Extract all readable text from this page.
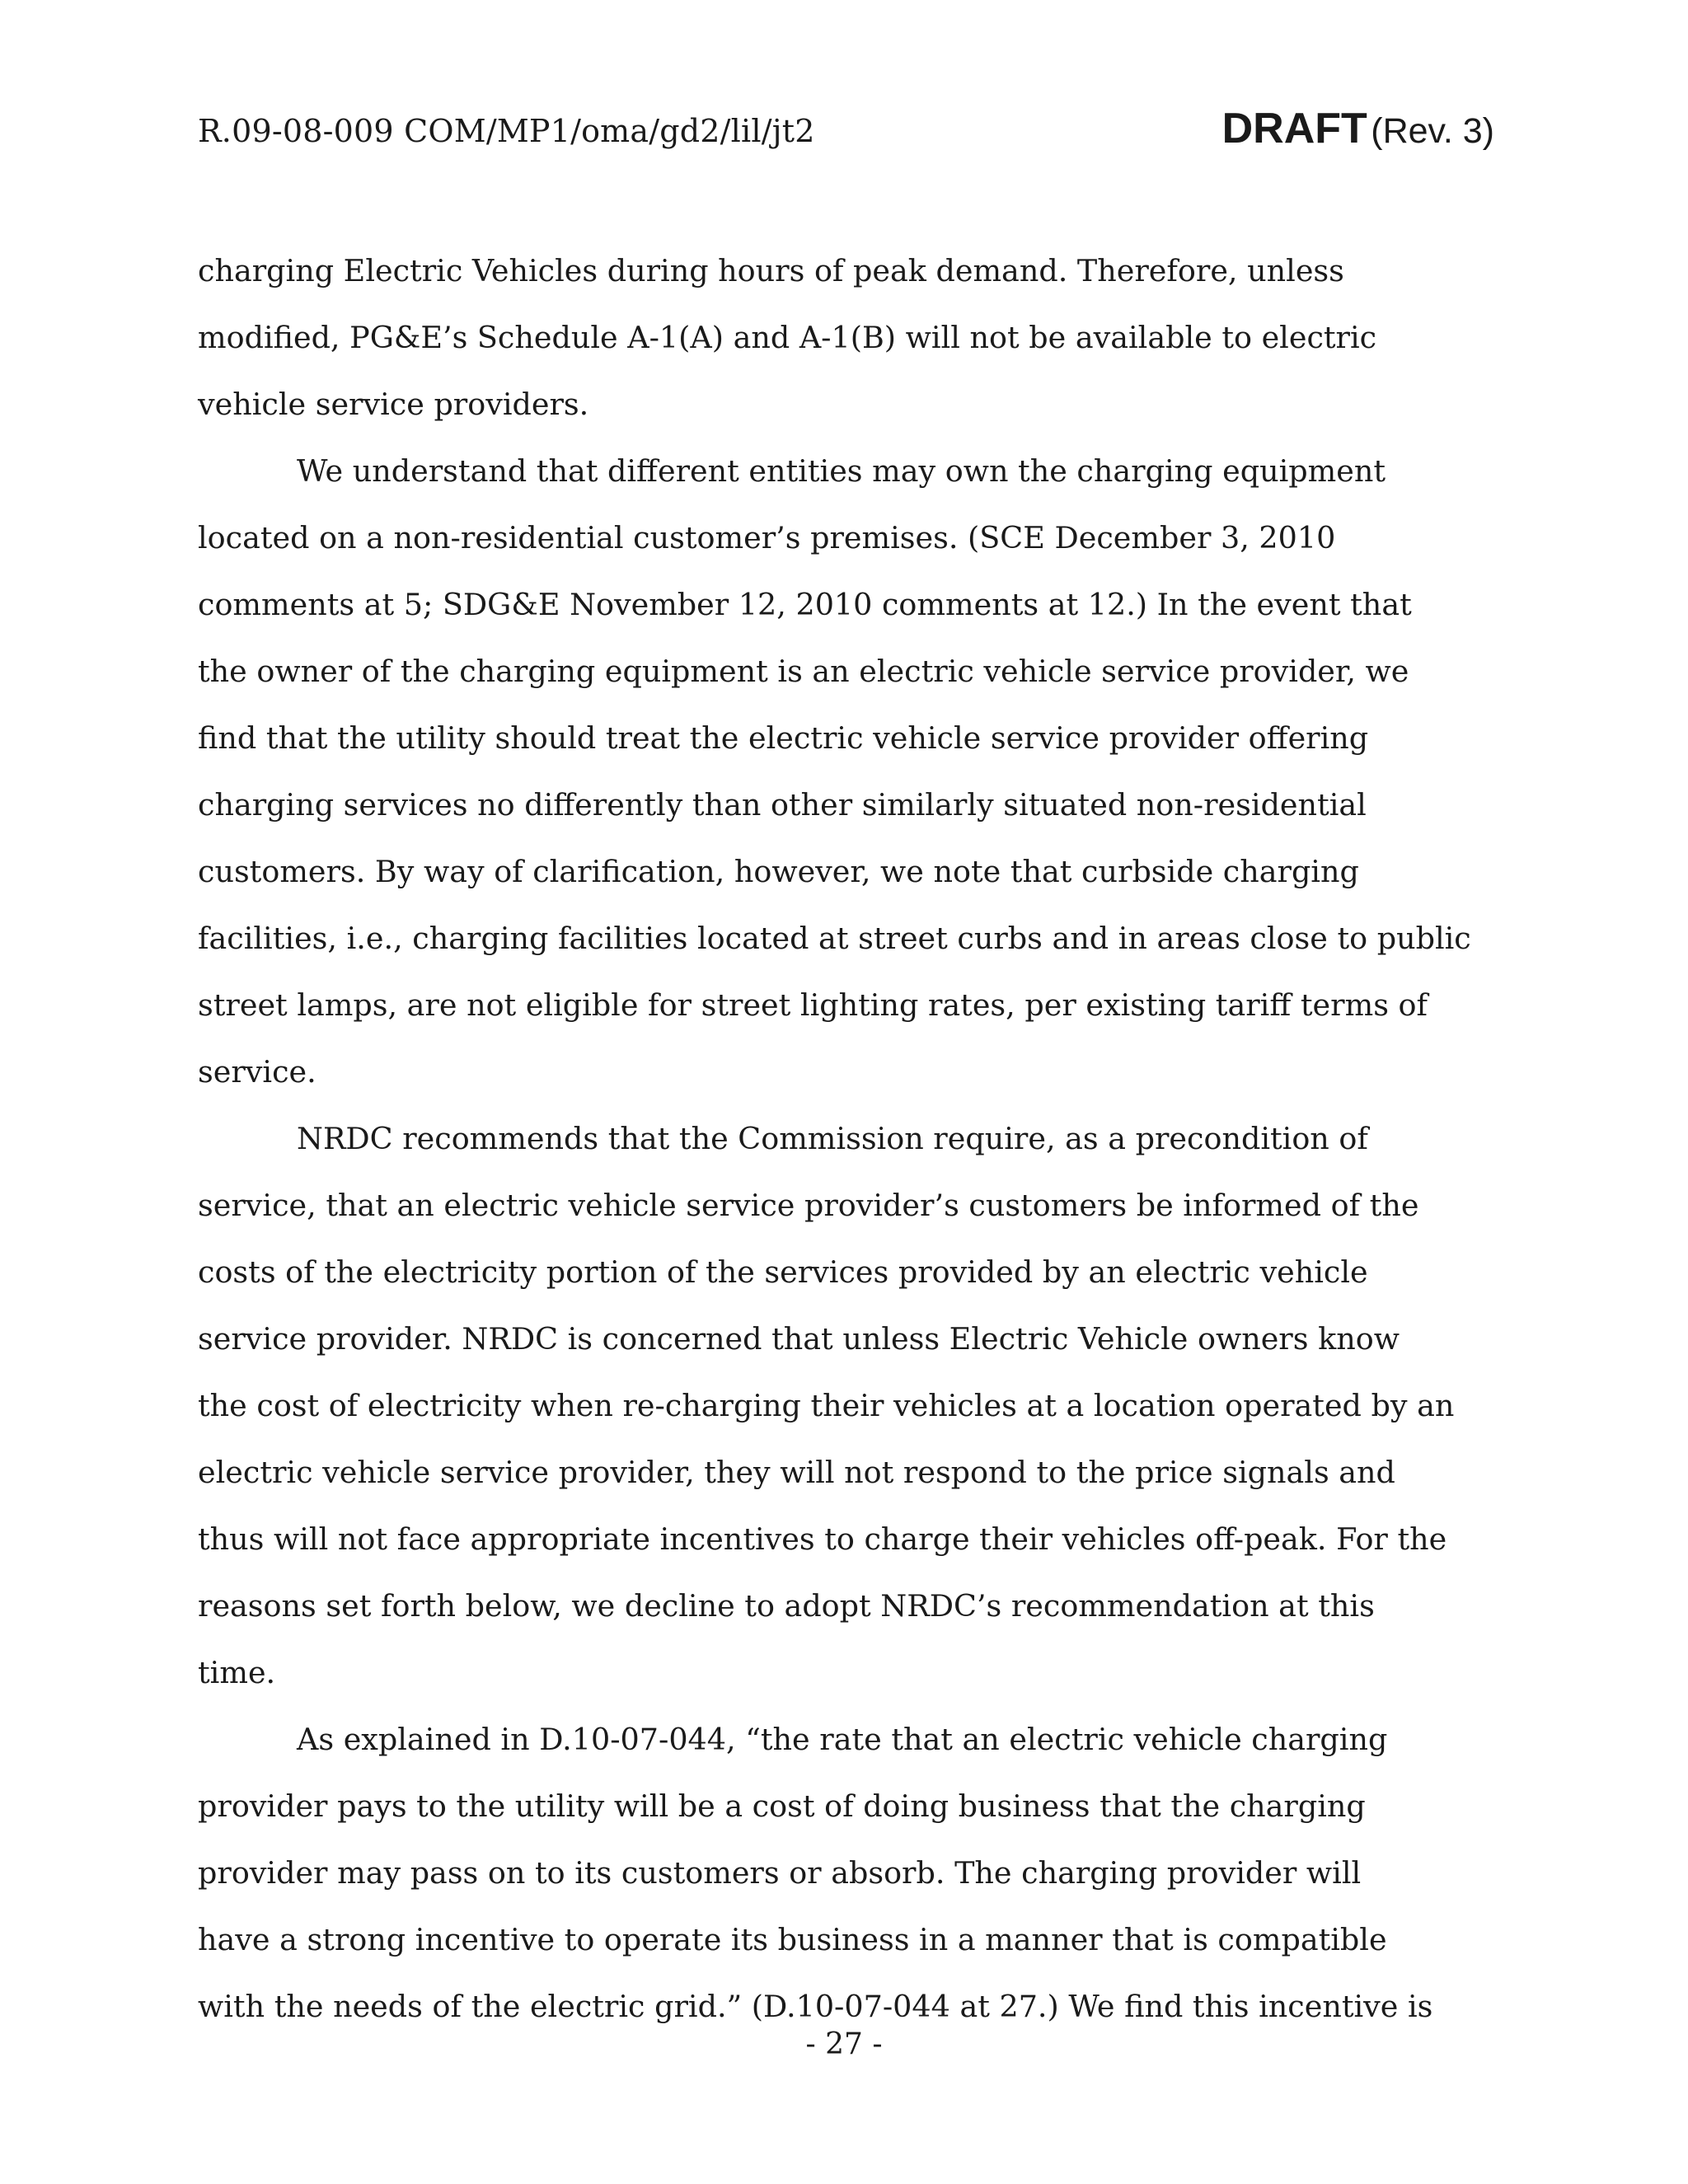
R.09-08-009 COM/MP1/oma/gd2/lil/jt2	DRAFT (Rev. 3)

charging Electric Vehicles during hours of peak demand. Therefore, unless
modified, PG&E’s Schedule A-1(A) and A-1(B) will not be available to electric
vehicle service providers.

We understand that different entities may own the charging equipment
located on a non-residential customer’s premises. (SCE December 3, 2010
comments at 5; SDG&E November 12, 2010 comments at 12.) In the event that
the owner of the charging equipment is an electric vehicle service provider, we
find that the utility should treat the electric vehicle service provider offering
charging services no differently than other similarly situated non-residential
customers. By way of clarification, however, we note that curbside charging
facilities, i.e., charging facilities located at street curbs and in areas close to public
street lamps, are not eligible for street lighting rates, per existing tariff terms of
service.

NRDC recommends that the Commission require, as a precondition of
service, that an electric vehicle service provider’s customers be informed of the
costs of the electricity portion of the services provided by an electric vehicle
service provider. NRDC is concerned that unless Electric Vehicle owners know
the cost of electricity when re-charging their vehicles at a location operated by an
electric vehicle service provider, they will not respond to the price signals and
thus will not face appropriate incentives to charge their vehicles off-peak. For the
reasons set forth below, we decline to adopt NRDC’s recommendation at this
time.

As explained in D.10-07-044, “the rate that an electric vehicle charging
provider pays to the utility will be a cost of doing business that the charging
provider may pass on to its customers or absorb. The charging provider will
have a strong incentive to operate its business in a manner that is compatible
with the needs of the electric grid.” (D.10-07-044 at 27.) We find this incentive is

- 27 -
